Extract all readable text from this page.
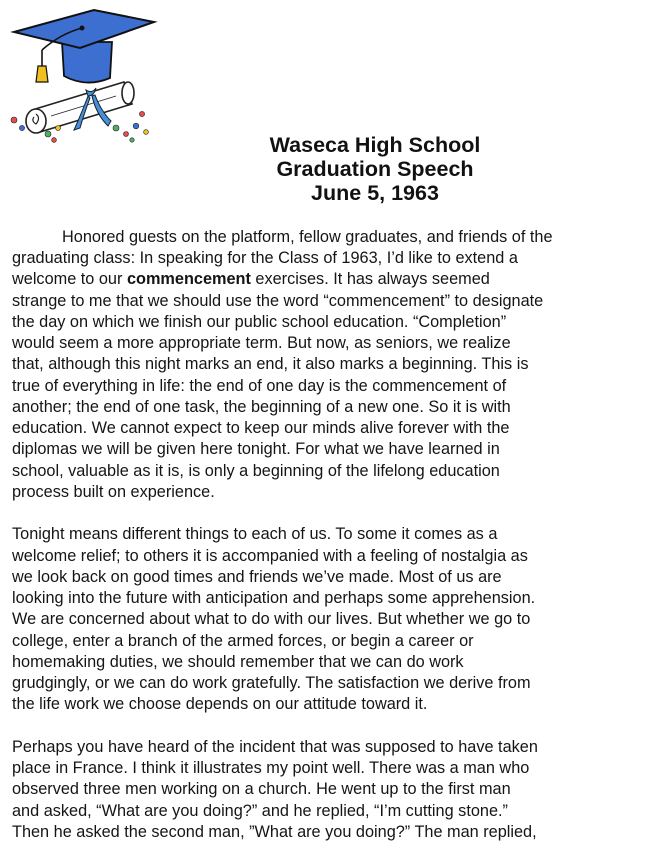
Waseca High School
Graduation Speech
June 5, 1963
Honored guests on the platform, fellow graduates, and friends of the
graduating class: In speaking for the Class of 1963, I’d like to extend a
welcome to our commencement exercises. It has always seemed
strange to me that we should use the word “commencement” to designate
the day on which we finish our public school education. “Completion”
would seem a more appropriate term. But now, as seniors, we realize
that, although this night marks an end, it also marks a beginning. This is
true of everything in life: the end of one day is the commencement of
another; the end of one task, the beginning of a new one. So it is with
education. We cannot expect to keep our minds alive forever with the
diplomas we will be given here tonight. For what we have learned in
school, valuable as it is, is only a beginning of the lifelong education
process built on experience.
Tonight means different things to each of us. To some it comes as a
welcome relief; to others it is accompanied with a feeling of nostalgia as
we look back on good times and friends we’ve made. Most of us are
looking into the future with anticipation and perhaps some apprehension.
We are concerned about what to do with our lives. But whether we go to
college, enter a branch of the armed forces, or begin a career or
homemaking duties, we should remember that we can do work
grudgingly, or we can do work gratefully. The satisfaction we derive from
the life work we choose depends on our attitude toward it.
Perhaps you have heard of the incident that was supposed to have taken
place in France. I think it illustrates my point well. There was a man who
observed three men working on a church. He went up to the first man
and asked, “What are you doing?” and he replied, “I’m cutting stone.”
Then he asked the second man, ”What are you doing?” The man replied,
